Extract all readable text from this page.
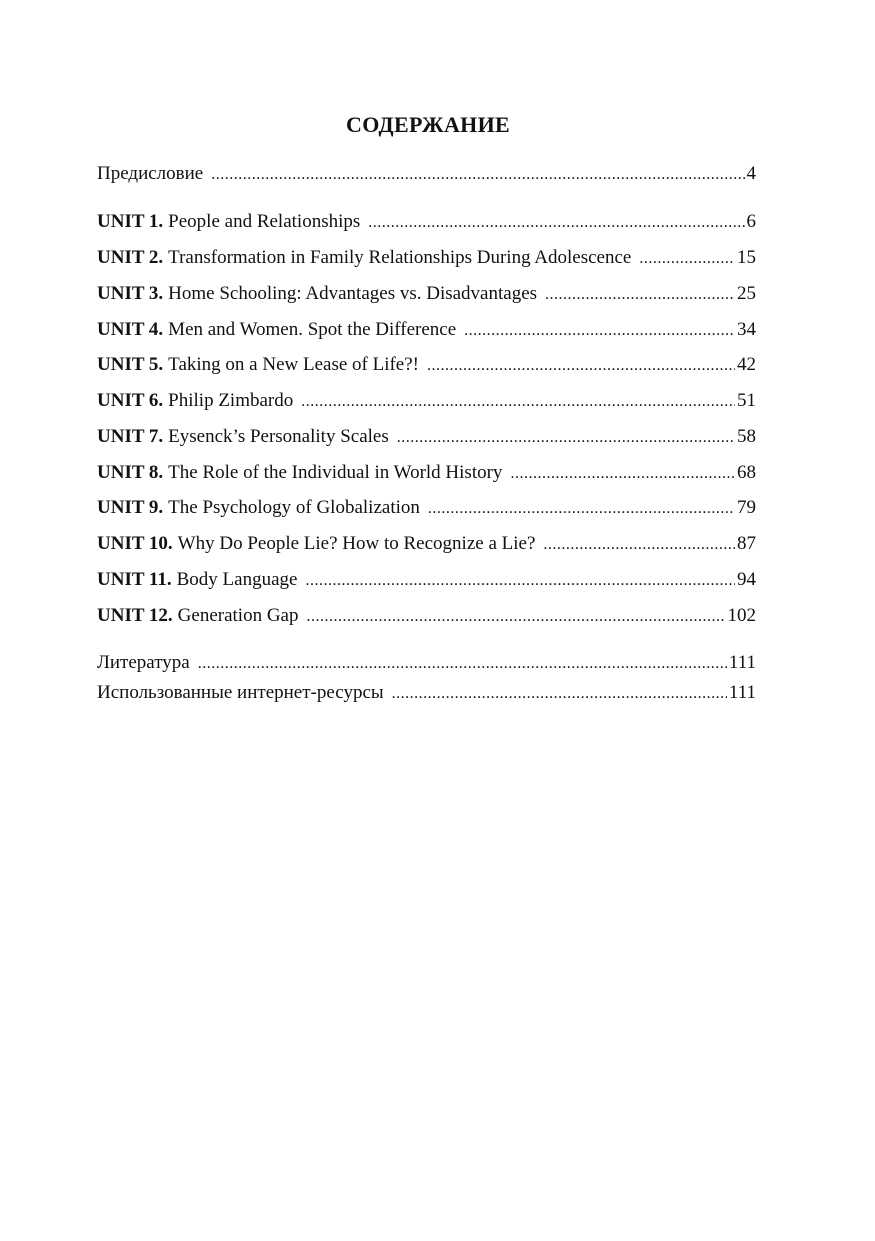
СОДЕРЖАНИЕ
Предисловие .....	4
UNIT 1. People and Relationships .....	6
UNIT 2. Transformation in Family Relationships During Adolescence .....	15
UNIT 3. Home Schooling: Advantages vs. Disadvantages .....	25
UNIT 4. Men and Women. Spot the Difference .....	34
UNIT 5. Taking on a New Lease of Life?! .....	42
UNIT 6. Philip Zimbardo .....	51
UNIT 7. Eysenck’s Personality Scales .....	58
UNIT 8. The Role of the Individual in World History .....	68
UNIT 9. The Psychology of Globalization .....	79
UNIT 10. Why Do People Lie? How to Recognize a Lie? .....	87
UNIT 11. Body Language .....	94
UNIT 12. Generation Gap .....	102
Литература .....	111
Использованные интернет-ресурсы .....	111
